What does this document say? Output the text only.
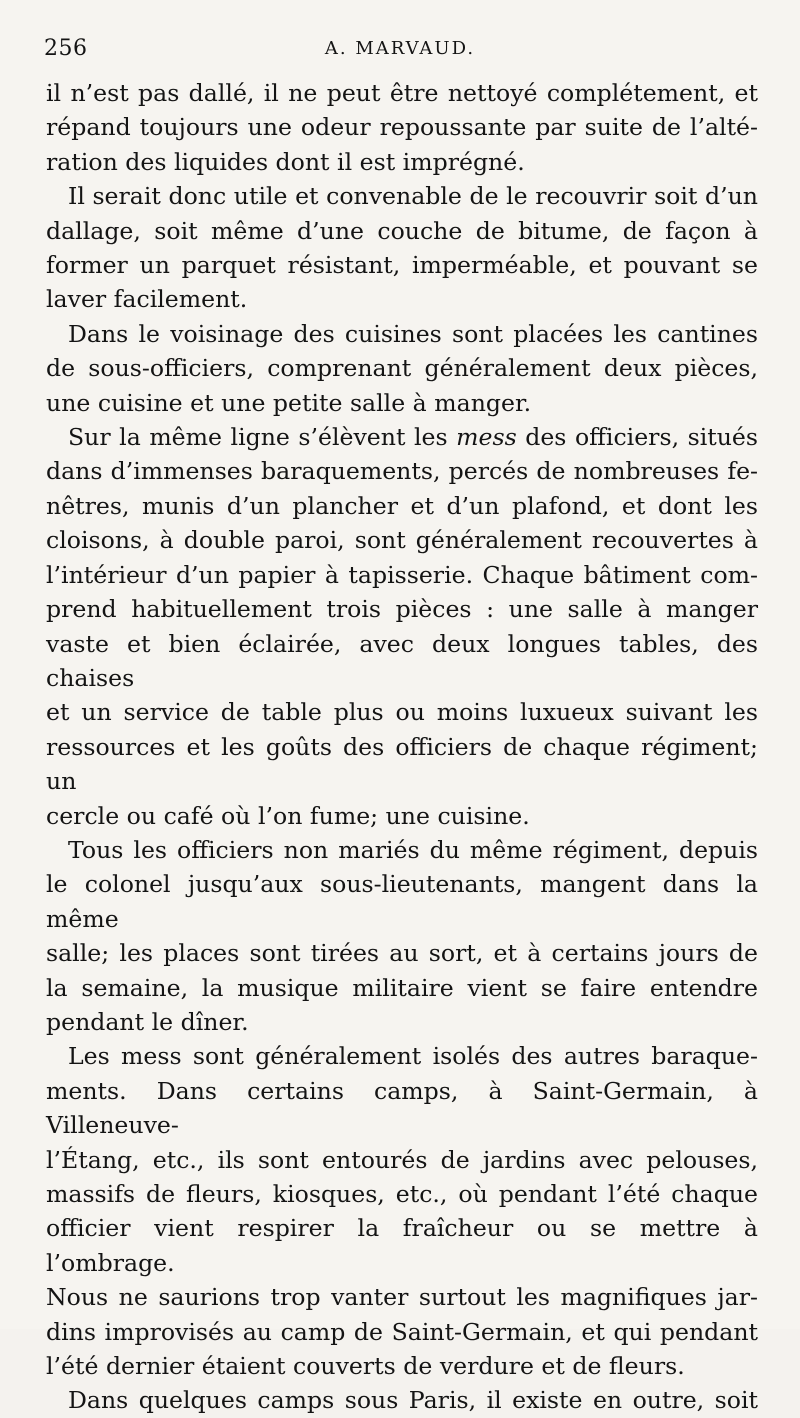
256	A. MARVAUD.

il n’est pas dallé, il ne peut être nettoyé complétement, et

répand toujours une odeur repoussante par suite de l’alté-

ration des liquides dont il est imprégné.

Il serait donc utile et convenable de le recouvrir soit d’un

dallage, soit même d’une couche de bitume, de façon à

former un parquet résistant, imperméable, et pouvant se

laver facilement.

Dans le voisinage des cuisines sont placées les cantines

de sous-officiers, comprenant généralement deux pièces,

une cuisine et une petite salle à manger.

Sur la même ligne s’élèvent les mess des officiers, situés

dans d’immenses baraquements, percés de nombreuses fe-

nêtres, munis d’un plancher et d’un plafond, et dont les

cloisons, à double paroi, sont généralement recouvertes à

l’intérieur d’un papier à tapisserie. Chaque bâtiment com-

prend habituellement trois pièces : une salle à manger

vaste et bien éclairée, avec deux longues tables, des chaises

et un service de table plus ou moins luxueux suivant les

ressources et les goûts des officiers de chaque régiment; un

cercle ou café où l’on fume; une cuisine.

Tous les officiers non mariés du même régiment, depuis

le colonel jusqu’aux sous-lieutenants, mangent dans la même

salle; les places sont tirées au sort, et à certains jours de

la semaine, la musique militaire vient se faire entendre

pendant le dîner.

Les mess sont généralement isolés des autres baraque-

ments. Dans certains camps, à Saint-Germain, à Villeneuve-

l’Étang, etc., ils sont entourés de jardins avec pelouses,

massifs de fleurs, kiosques, etc., où pendant l’été chaque

officier vient respirer la fraîcheur ou se mettre à l’ombrage.

Nous ne saurions trop vanter surtout les magnifiques jar-

dins improvisés au camp de Saint-Germain, et qui pendant

l’été dernier étaient couverts de verdure et de fleurs.

Dans quelques camps sous Paris, il existe en outre, soit
